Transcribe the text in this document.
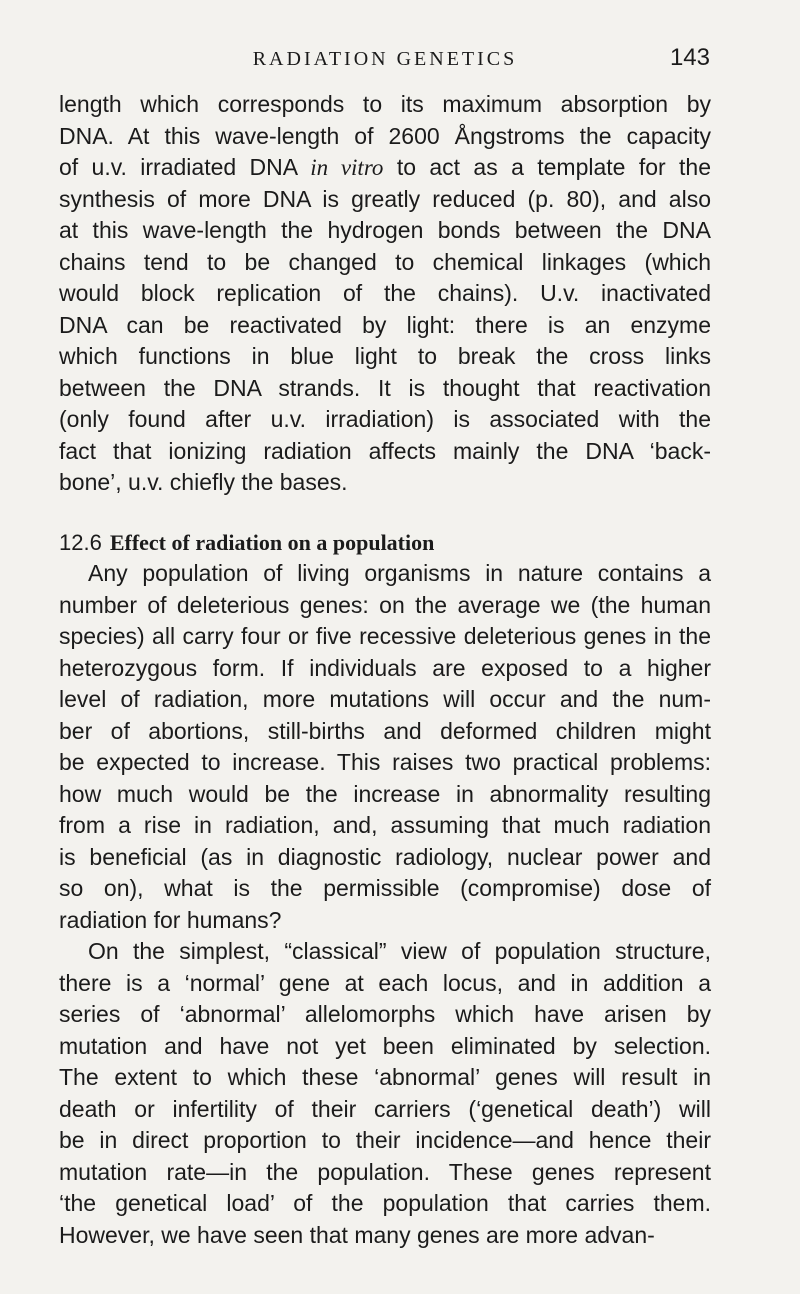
RADIATION GENETICS	143
length which corresponds to its maximum absorption by
DNA. At this wave-length of 2600 Ångstroms the capacity
of u.v. irradiated DNA in vitro to act as a template for the
synthesis of more DNA is greatly reduced (p. 80), and also
at this wave-length the hydrogen bonds between the DNA
chains tend to be changed to chemical linkages (which
would block replication of the chains). U.v. inactivated
DNA can be reactivated by light: there is an enzyme
which functions in blue light to break the cross links
between the DNA strands. It is thought that reactivation
(only found after u.v. irradiation) is associated with the
fact that ionizing radiation affects mainly the DNA ‘back-
bone’, u.v. chiefly the bases.
12.6 Effect of radiation on a population
Any population of living organisms in nature contains a
number of deleterious genes: on the average we (the human
species) all carry four or five recessive deleterious genes in the
heterozygous form. If individuals are exposed to a higher
level of radiation, more mutations will occur and the num-
ber of abortions, still-births and deformed children might
be expected to increase. This raises two practical problems:
how much would be the increase in abnormality resulting
from a rise in radiation, and, assuming that much radiation
is beneficial (as in diagnostic radiology, nuclear power and
so on), what is the permissible (compromise) dose of
radiation for humans?
On the simplest, “classical” view of population structure,
there is a ‘normal’ gene at each locus, and in addition a
series of ‘abnormal’ allelomorphs which have arisen by
mutation and have not yet been eliminated by selection.
The extent to which these ‘abnormal’ genes will result in
death or infertility of their carriers (‘genetical death’) will
be in direct proportion to their incidence—and hence their
mutation rate—in the population. These genes represent
‘the genetical load’ of the population that carries them.
However, we have seen that many genes are more advan-
